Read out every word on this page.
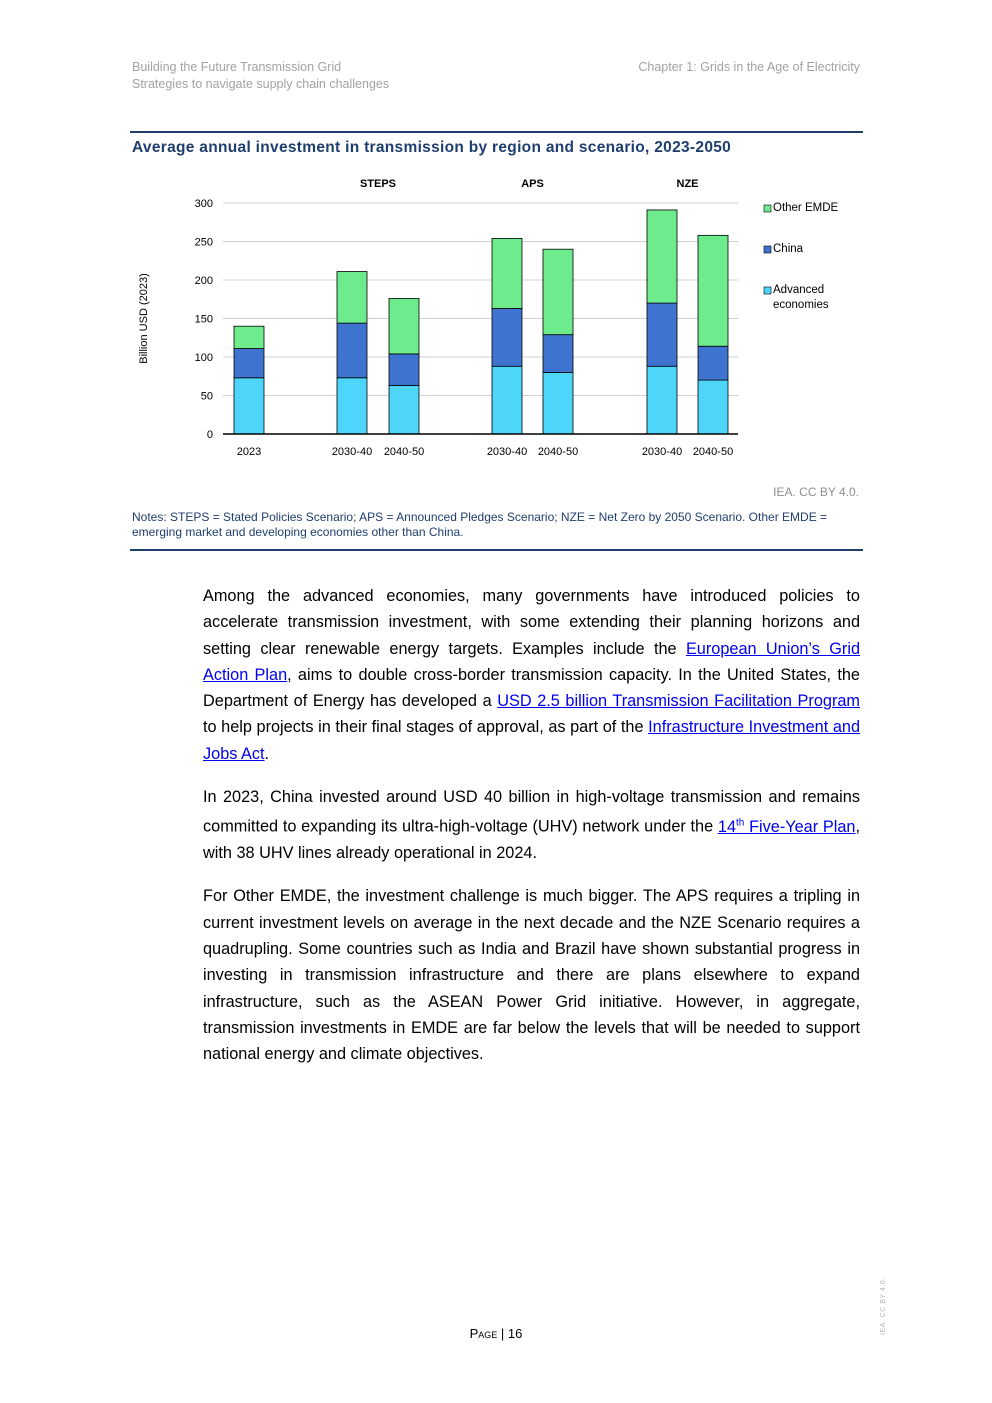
Building the Future Transmission Grid
Strategies to navigate supply chain challenges
Chapter 1: Grids in the Age of Electricity
Average annual investment in transmission by region and scenario, 2023-2050
0
50
100
150
200
250
300
Billion USD (2023)
2023	2030-40 2040-50	2030-40 2040-50	2030-40 2040-50
STEPS	APS	NZE
Other EMDE
China
Advanced economies
IEA. CC BY 4.0.
Notes: STEPS = Stated Policies Scenario; APS = Announced Pledges Scenario; NZE = Net Zero by 2050 Scenario. Other EMDE = emerging market and developing economies other than China.

Among the advanced economies, many governments have introduced policies to accelerate transmission investment, with some extending their planning horizons and setting clear renewable energy targets. Examples include the European Union’s Grid Action Plan, aims to double cross-border transmission capacity. In the United States, the Department of Energy has developed a USD 2.5 billion Transmission Facilitation Program to help projects in their final stages of approval, as part of the Infrastructure Investment and Jobs Act.

In 2023, China invested around USD 40 billion in high-voltage transmission and remains committed to expanding its ultra-high-voltage (UHV) network under the 14th Five-Year Plan, with 38 UHV lines already operational in 2024.

For Other EMDE, the investment challenge is much bigger. The APS requires a tripling in current investment levels on average in the next decade and the NZE Scenario requires a quadrupling. Some countries such as India and Brazil have shown substantial progress in investing in transmission infrastructure and there are plans elsewhere to expand infrastructure, such as the ASEAN Power Grid initiative. However, in aggregate, transmission investments in EMDE are far below the levels that will be needed to support national energy and climate objectives.

Page | 16	IEA. CC BY 4.0.
